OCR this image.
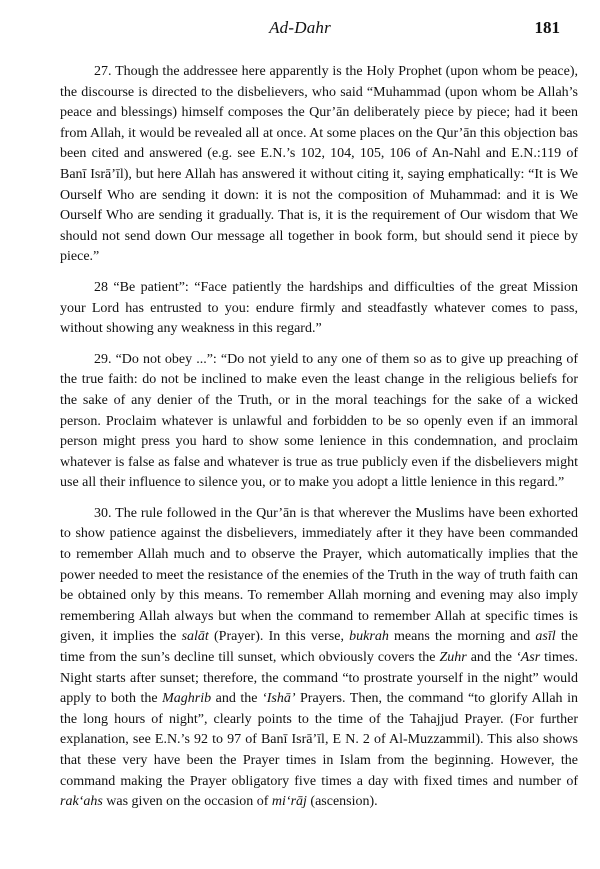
Ad-Dahr	181

27. Though the addressee here apparently is the Holy Prophet (upon whom be peace), the discourse is directed to the disbelievers, who said “Muhammad (upon whom be Allah’s peace and blessings) himself composes the Qur’ān deliberately piece by piece; had it been from Allah, it would be revealed all at once. At some places on the Qur’ān this objection bas been cited and answered (e.g. see E.N.’s 102, 104, 105, 106 of An-Nahl and E.N.:119 of Banī Isrā’īl), but here Allah has answered it without citing it, saying emphatically: “It is We Ourself Who are sending it down: it is not the composition of Muhammad: and it is We Ourself Who are sending it gradually. That is, it is the requirement of Our wisdom that We should not send down Our message all together in book form, but should send it piece by piece.”

28 “Be patient”: “Face patiently the hardships and difficulties of the great Mission your Lord has entrusted to you: endure firmly and steadfastly whatever comes to pass, without showing any weakness in this regard.”

29. “Do not obey ...”: “Do not yield to any one of them so as to give up preaching of the true faith: do not be inclined to make even the least change in the religious beliefs for the sake of any denier of the Truth, or in the moral teachings for the sake of a wicked person. Proclaim whatever is unlawful and forbidden to be so openly even if an immoral person might press you hard to show some lenience in this condemnation, and proclaim whatever is false as false and whatever is true as true publicly even if the disbelievers might use all their influence to silence you, or to make you adopt a little lenience in this regard.”

30. The rule followed in the Qur’ān is that wherever the Muslims have been exhorted to show patience against the disbelievers, immediately after it they have been commanded to remember Allah much and to observe the Prayer, which automatically implies that the power needed to meet the resistance of the enemies of the Truth in the way of truth faith can be obtained only by this means. To remember Allah morning and evening may also imply remembering Allah always but when the command to remember Allah at specific times is given, it implies the salāt (Prayer). In this verse, bukrah means the morning and asīl the time from the sun’s decline till sunset, which obviously covers the Zuhr and the ‘Asr times. Night starts after sunset; therefore, the command “to prostrate yourself in the night” would apply to both the Maghrib and the ‘Ishā’ Prayers. Then, the command “to glorify Allah in the long hours of night”, clearly points to the time of the Tahajjud Prayer. (For further explanation, see E.N.’s 92 to 97 of Banī Isrā’īl, E N. 2 of Al-Muzzammil). This also shows that these very have been the Prayer times in Islam from the beginning. However, the command making the Prayer obligatory five times a day with fixed times and number of rak‘ahs was given on the occasion of mi‘rāj (ascension).
